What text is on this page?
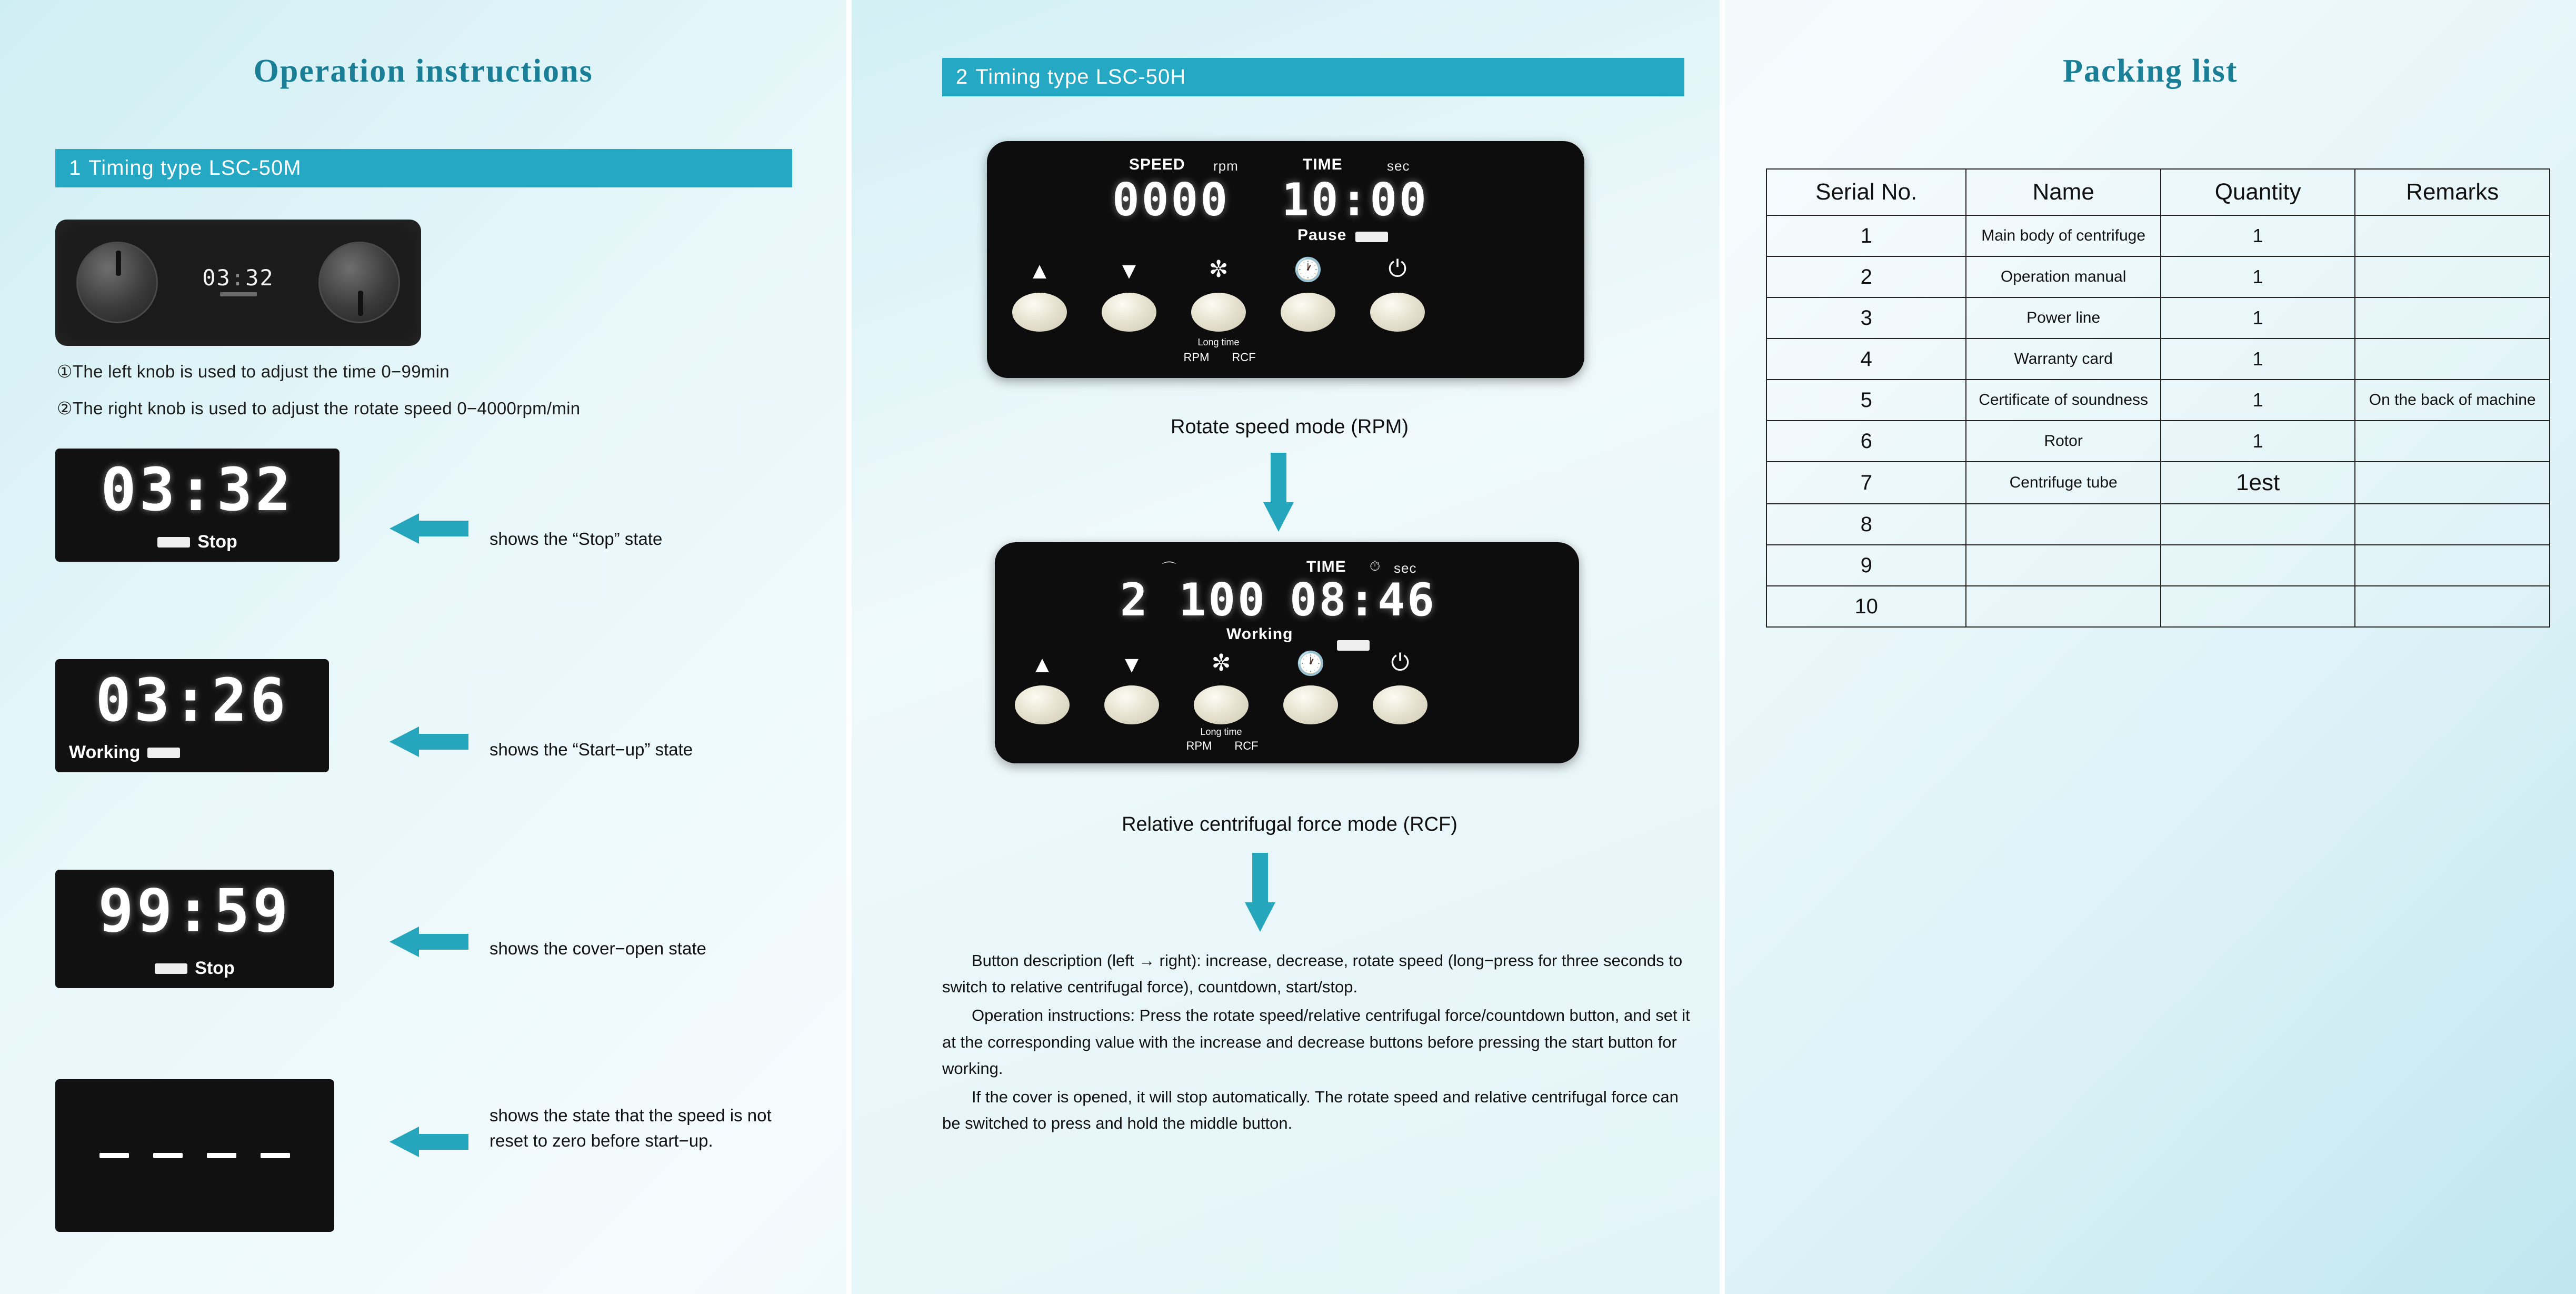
Operation instructions	Packing list
1 Timing type LSC-50M
03:32
①The left knob is used to adjust the time 0−99min
②The right knob is used to adjust the rotate speed 0−4000rpm/min
03:32
Stop	shows the “Stop” state
03:26
Working	shows the “Start−up” state
99:59
Stop
shows the cover−open state
shows the state that the speed is not reset to zero before start−up.
2 Timing type LSC-50H
SPEED rpm	TIME	sec
0000 10:00
Pause
▲	▼	✼	🕐	⏻
Long time
RPM	RCF
Rotate speed mode (RPM)
⌒	TIME ⏱ sec
2 100 08:46
Working
▲	▼	✼	🕐	⏻
Long time
RPM	RCF
Relative centrifugal force mode (RCF)

Button description (left → right): increase, decrease, rotate speed (long−press for three seconds to switch to relative centrifugal force), countdown, start/stop.

Operation instructions: Press the rotate speed/relative centrifugal force/countdown button, and set it at the corresponding value with the increase and decrease buttons before pressing the start button for working.

If the cover is opened, it will stop automatically. The rotate speed and relative centrifugal force can be switched to press and hold the middle button.

Serial No.	Name	Quantity	Remarks
1	Main body of centrifuge	1	
2	Operation manual	1	
3	Power line	1	
4	Warranty card	1	
5	Certificate of soundness	1	On the back of machine
6	Rotor	1	
7	Centrifuge tube	1est	
8			
9			
10			
